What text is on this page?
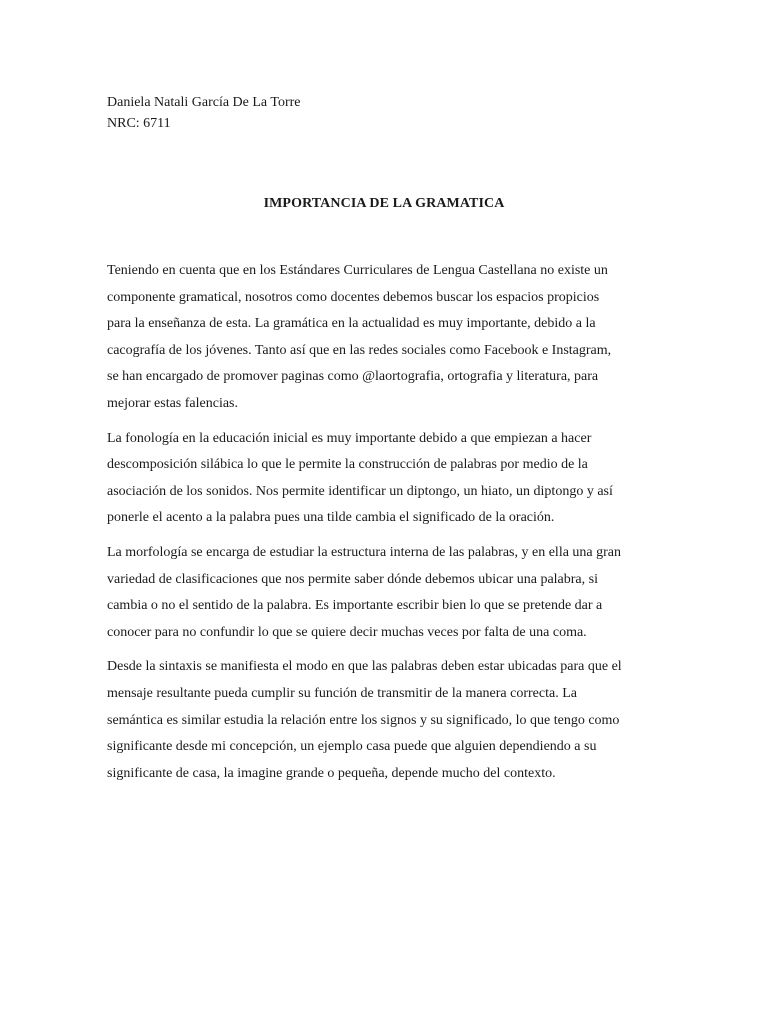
Daniela Natali García De La Torre
NRC: 6711
IMPORTANCIA DE LA GRAMATICA
Teniendo en cuenta que en los Estándares Curriculares de Lengua Castellana no existe un
componente gramatical, nosotros como docentes debemos buscar los espacios propicios
para la enseñanza de esta. La gramática en la actualidad es muy importante, debido a la
cacografía de los jóvenes. Tanto así que en las redes sociales como Facebook e Instagram,
se han encargado de promover paginas como @laortografia, ortografia y literatura, para
mejorar estas falencias.
La fonología en la educación inicial es muy importante debido a que empiezan a hacer
descomposición silábica lo que le permite la construcción de palabras por medio de la
asociación de los sonidos. Nos permite identificar un diptongo, un hiato, un diptongo y así
ponerle el acento a la palabra pues una tilde cambia el significado de la oración.
La morfología se encarga de estudiar la estructura interna de las palabras, y en ella una gran
variedad de clasificaciones que nos permite saber dónde debemos ubicar una palabra, si
cambia o no el sentido de la palabra. Es importante escribir bien lo que se pretende dar a
conocer para no confundir lo que se quiere decir muchas veces por falta de una coma.
Desde la sintaxis se manifiesta el modo en que las palabras deben estar ubicadas para que el
mensaje resultante pueda cumplir su función de transmitir de la manera correcta. La
semántica es similar estudia la relación entre los signos y su significado, lo que tengo como
significante desde mi concepción, un ejemplo casa puede que alguien dependiendo a su
significante de casa, la imagine grande o pequeña, depende mucho del contexto.
